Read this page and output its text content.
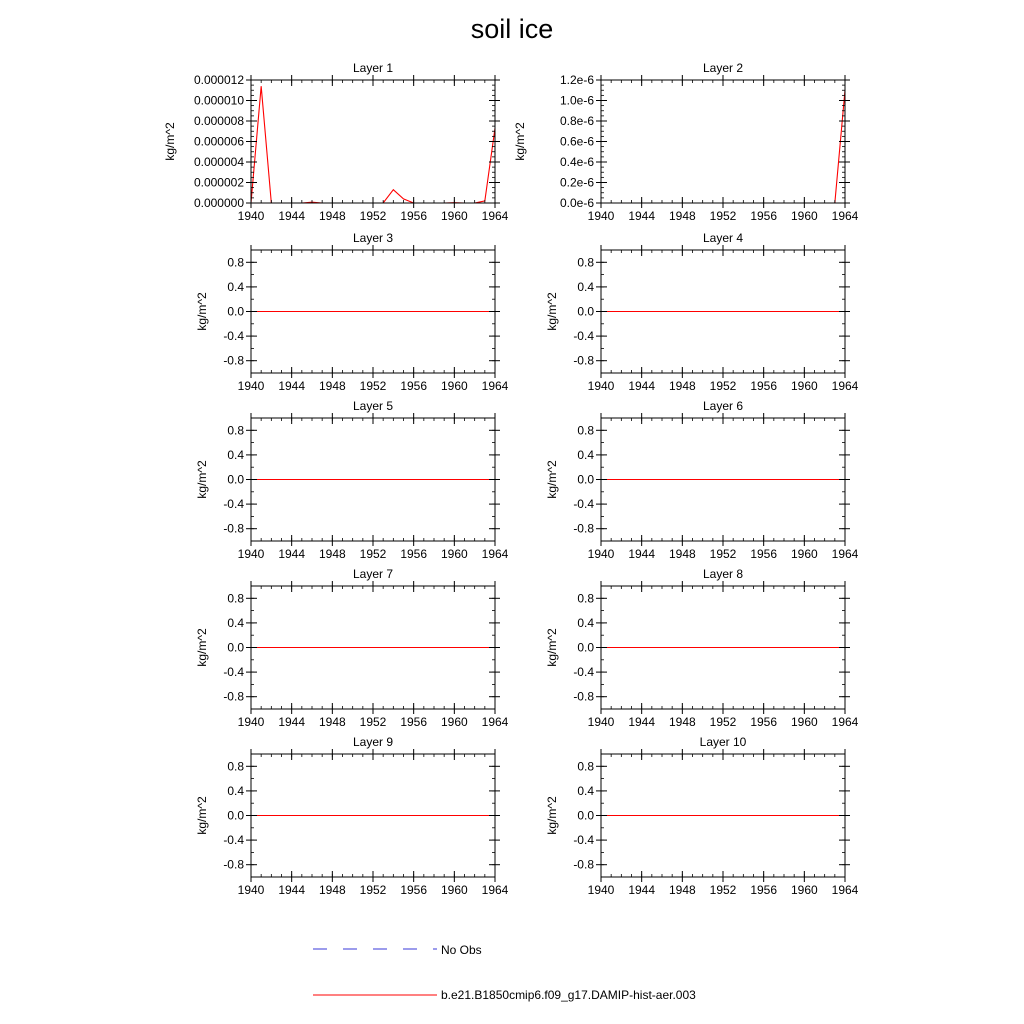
soil ice
Layer 1
kg/m^2
1940 1944 1948 1952 1956 1960 1964
0.000000
0.000002
0.000004
0.000006
0.000008
0.000010
0.000012
Layer 2
kg/m^2
1940 1944 1948 1952 1956 1960 1964
0.0e-6
0.2e-6
0.4e-6
0.6e-6
0.8e-6
1.0e-6
1.2e-6
Layer 3
kg/m^2
1940 1944 1948 1952 1956 1960 1964
-0.8
-0.4
0.0
0.4
0.8
Layer 4
kg/m^2
1940 1944 1948 1952 1956 1960 1964
-0.8
-0.4
0.0
0.4
0.8
Layer 5
kg/m^2
1940 1944 1948 1952 1956 1960 1964
-0.8
-0.4
0.0
0.4
0.8
Layer 6
kg/m^2
1940 1944 1948 1952 1956 1960 1964
-0.8
-0.4
0.0
0.4
0.8
Layer 7
kg/m^2
1940 1944 1948 1952 1956 1960 1964
-0.8
-0.4
0.0
0.4
0.8
Layer 8
kg/m^2
1940 1944 1948 1952 1956 1960 1964
-0.8
-0.4
0.0
0.4
0.8
Layer 9
kg/m^2
1940 1944 1948 1952 1956 1960 1964
-0.8
-0.4
0.0
0.4
0.8
Layer 10
kg/m^2
1940 1944 1948 1952 1956 1960 1964
-0.8
-0.4
0.0
0.4
0.8
No Obs
b.e21.B1850cmip6.f09_g17.DAMIP-hist-aer.003
